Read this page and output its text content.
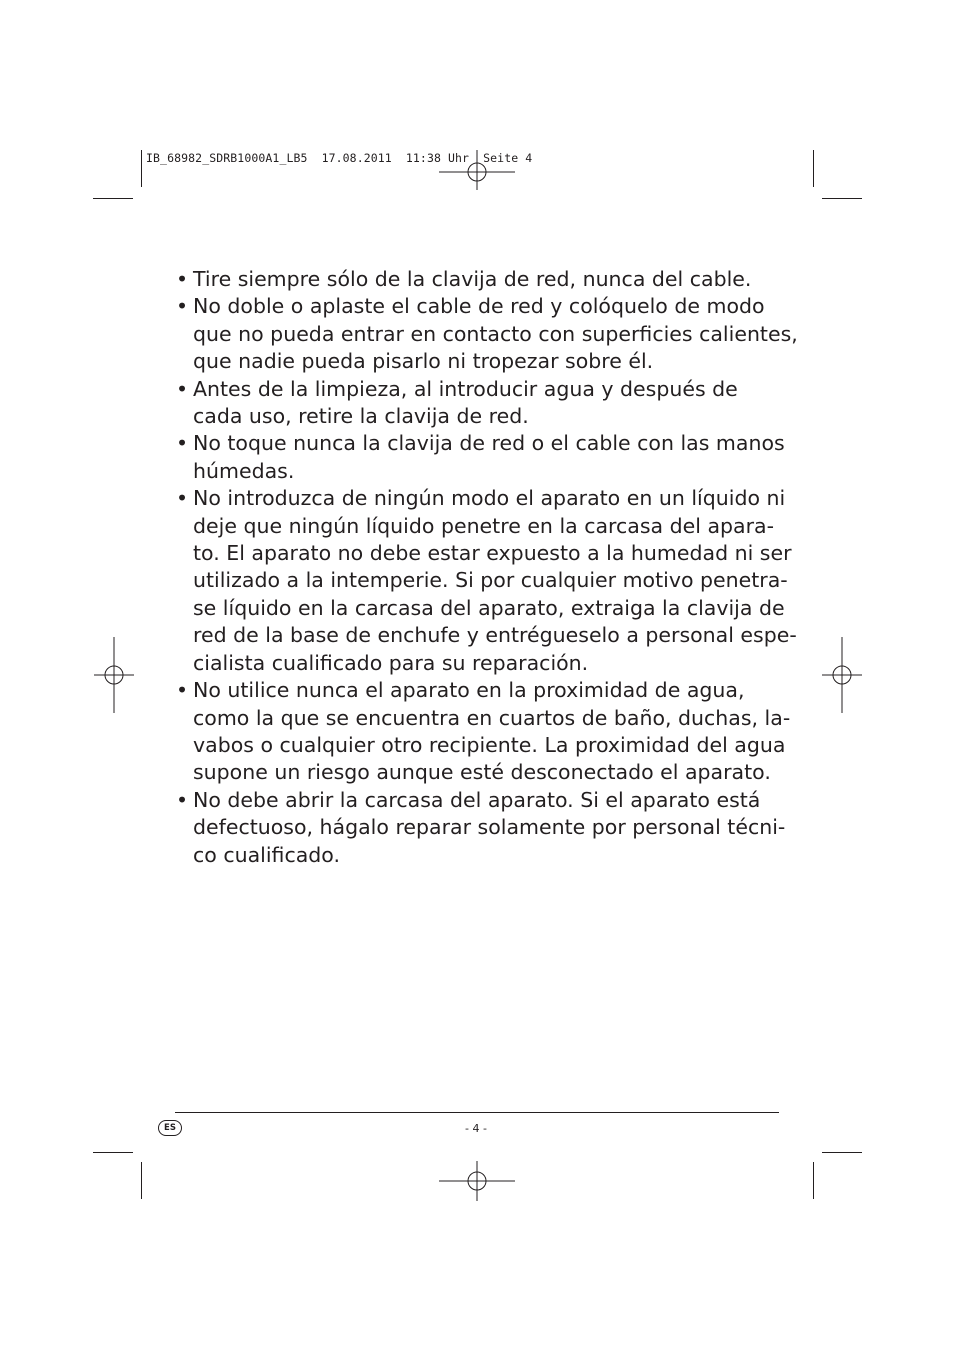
IB_68982_SDRB1000A1_LB5  17.08.2011  11:38 Uhr  Seite 4
• Tire siempre sólo de la clavija de red, nunca del cable.
• No doble o aplaste el cable de red y colóquelo de modo
que no pueda entrar en contacto con superficies calientes,
que nadie pueda pisarlo ni tropezar sobre él.
• Antes de la limpieza, al introducir agua y después de
cada uso, retire la clavija de red.
• No toque nunca la clavija de red o el cable con las manos
húmedas.
• No introduzca de ningún modo el aparato en un líquido ni
deje que ningún líquido penetre en la carcasa del apara-
to. El aparato no debe estar expuesto a la humedad ni ser
utilizado a la intemperie. Si por cualquier motivo penetra-
se líquido en la carcasa del aparato, extraiga la clavija de
red de la base de enchufe y entrégueselo a personal espe-
cialista cualificado para su reparación.
• No utilice nunca el aparato en la proximidad de agua,
como la que se encuentra en cuartos de baño, duchas, la-
vabos o cualquier otro recipiente. La proximidad del agua
supone un riesgo aunque esté desconectado el aparato.
• No debe abrir la carcasa del aparato. Si el aparato está
defectuoso, hágalo reparar solamente por personal técni-
co cualificado.
ES	- 4 -
